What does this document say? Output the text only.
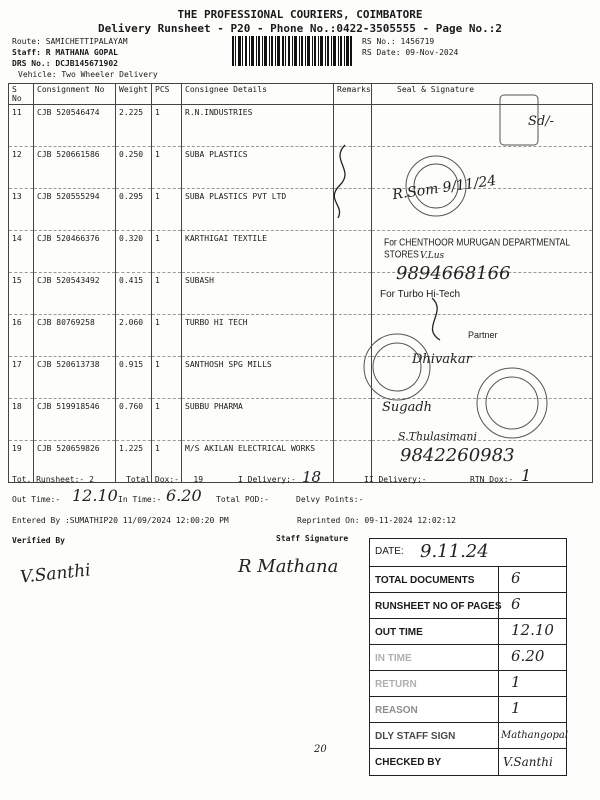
THE PROFESSIONAL COURIERS, COIMBATORE
Delivery Runsheet - P20 - Phone No.:0422-3505555 - Page No.:2
Route: SAMICHETTIPALAYAM
Staff: R MATHANA GOPAL
DRS No.: DCJB145671902
Vehicle: Two Wheeler Delivery
RS No.: 1456719
RS Date: 09-Nov-2024
S No	Consignment No	Weight	PCS	Consignee Details	Remarks	Seal & Signature
11	CJB 520546474	2.225	1	R.N.INDUSTRIES		
12	CJB 520661586	0.250	1	SUBA PLASTICS		
13	CJB 520555294	0.295	1	SUBA PLASTICS PVT LTD		
14	CJB 520466376	0.320	1	KARTHIGAI TEXTILE		
15	CJB 520543492	0.415	1	SUBASH		
16	CJB 80769258	2.060	1	TURBO HI TECH		
17	CJB 520613738	0.915	1	SANTHOSH SPG MILLS		
18	CJB 519918546	0.760	1	SUBBU PHARMA		
19	CJB 520659826	1.225	1	M/S AKILAN ELECTRICAL WORKS		
Sd/-
R.Som 9/11/24
For CHENTHOOR MURUGAN DEPARTMENTAL STORES V.Lus
9894668166
For Turbo Hi-Tech
Partner
Dhivakar
Sugadh
S.Thulasimani
9842260983
Tot. Runsheet:- 2	Total Dox:-   19	I Delivery:- 18	II Delivery:-	RTN Dox:- 1
Out Time:- 12.10 In Time:- 6.20 Total POD:-	Delvy Points:-
Entered By :SUMATHIP20 11/09/2024 12:00:20 PM	Reprinted On: 09-11-2024 12:02:12
Verified By
V.Santhi
Staff Signature
R Mathana
DATE: 9.11.24
TOTAL DOCUMENTS 6
RUNSHEET NO OF PAGES 6
OUT TIME	12.10
IN TIME	6.20
RETURN	1
REASON	1
DLY STAFF SIGN	Mathangopal
CHECKED BY	V.Santhi
20
